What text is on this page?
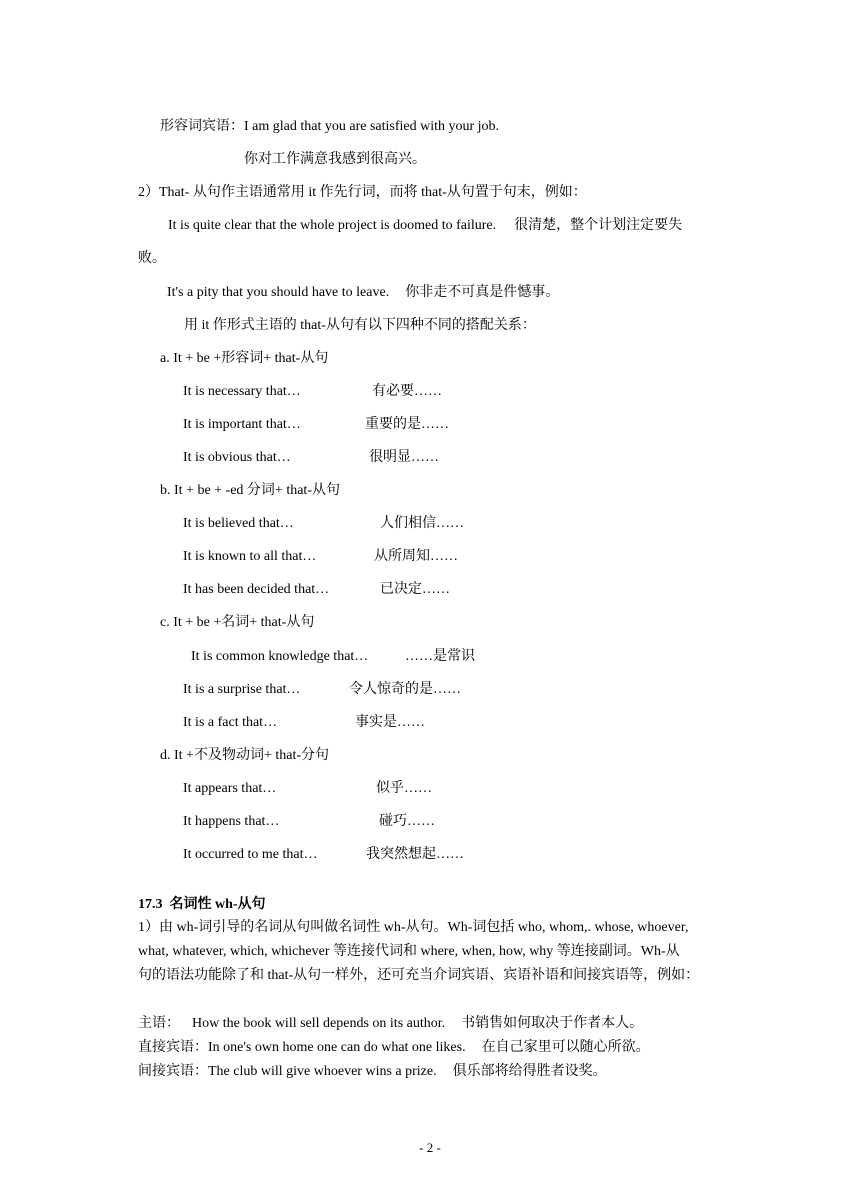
形容词宾语：I am glad that you are satisfied with your job.
你对工作满意我感到很高兴。
2）That- 从句作主语通常用 it 作先行词，而将 that-从句置于句末，例如：
It is quite clear that the whole project is doomed to failure. 很清楚，整个计划注定要失
败。
It's a pity that you should have to leave. 你非走不可真是件憾事。
用 it 作形式主语的 that-从句有以下四种不同的搭配关系：
a. It + be +形容词+ that-从句
It is necessary that…	有必要……
It is important that…	重要的是……
It is obvious that…	很明显……
b. It + be + -ed 分词+ that-从句
It is believed that…	人们相信……
It is known to all that…	从所周知……
It has been decided that…	已决定……
c. It + be +名词+ that-从句
It is common knowledge that…	……是常识
It is a surprise that…	令人惊奇的是……
It is a fact that…	事实是……
d. It +不及物动词+ that-分句
It appears that…	似乎……
It happens that…	碰巧……
It occurred to me that…	我突然想起……
17.3 名词性 wh-从句
1）由 wh-词引导的名词从句叫做名词性 wh-从句。Wh-词包括 who, whom,. whose, whoever,
what, whatever, which, whichever 等连接代词和 where, when, how, why 等连接副词。Wh-从
句的语法功能除了和 that-从句一样外，还可充当介词宾语、宾语补语和间接宾语等，例如：
主语： How the book will sell depends on its author. 书销售如何取决于作者本人。
直接宾语：In one's own home one can do what one likes. 在自己家里可以随心所欲。
间接宾语：The club will give whoever wins a prize. 俱乐部将给得胜者设奖。
- 2 -
